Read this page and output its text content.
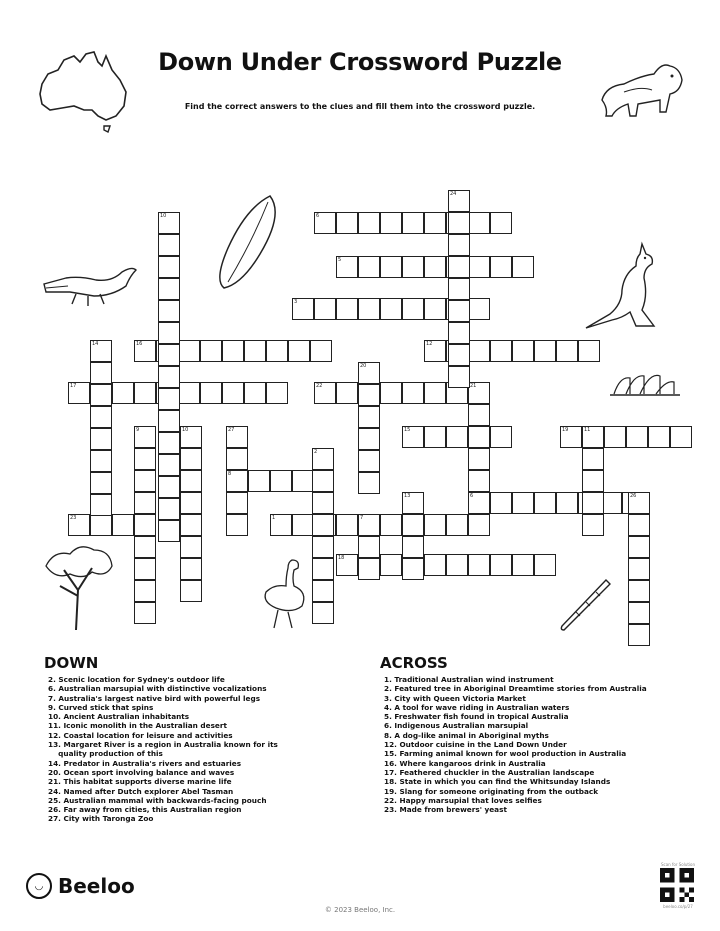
Down Under Crossword Puzzle
Find the correct answers to the clues and fill them into the crossword puzzle.
6
5
3
16	12
17	22	21
15	19	11
8
6
23	1	7
18
10
24
14
20
9	10	27
2
13	26
DOWN
2. Scenic location for Sydney's outdoor life
6. Australian marsupial with distinctive vocalizations
7. Australia's largest native bird with powerful legs
9. Curved stick that spins
10. Ancient Australian inhabitants
11. Iconic monolith in the Australian desert
12. Coastal location for leisure and activities
13. Margaret River is a region in Australia known for its
quality production of this
14. Predator in Australia's rivers and estuaries
20. Ocean sport involving balance and waves
21. This habitat supports diverse marine life
24. Named after Dutch explorer Abel Tasman
25. Australian mammal with backwards-facing pouch
26. Far away from cities, this Australian region
27. City with Taronga Zoo
ACROSS
1. Traditional Australian wind instrument
2. Featured tree in Aboriginal Dreamtime stories from Australia
3. City with Queen Victoria Market
4. A tool for wave riding in Australian waters
5. Freshwater fish found in tropical Australia
6. Indigenous Australian marsupial
8. A dog-like animal in Aboriginal myths
12. Outdoor cuisine in the Land Down Under
15. Farming animal known for wool production in Australia
16. Where kangaroos drink in Australia
17. Feathered chuckler in the Australian landscape
18. State in which you can find the Whitsunday Islands
19. Slang for someone originating from the outback
22. Happy marsupial that loves selfies
23. Made from brewers' yeast
◡ Beeloo
© 2023 Beeloo, Inc.
Scan for Solution
beeloo.co/p/27
